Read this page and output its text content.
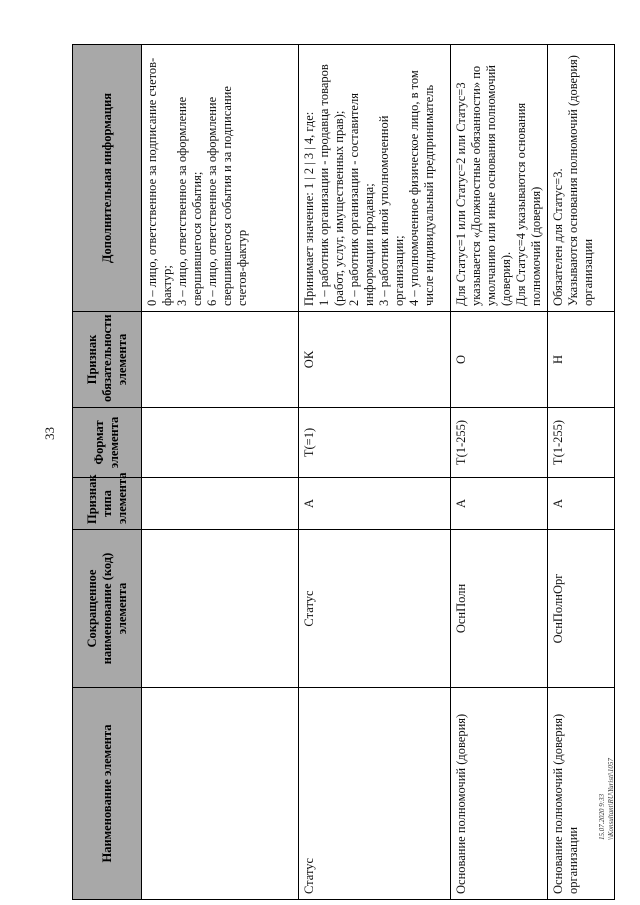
33
15.07.2020 9:33 \\Konsultant\RU\Yuristi\1057
Наименование элемента	Сокращенное наименование (код) элемента	Признак типа элемента	Формат элемента	Признак обязательности элемента	Дополнительная информация

					0 – лицо, ответственное за подписание счетов-фактур; 3 – лицо, ответственное за оформление свершившегося события; 6 – лицо, ответственное за оформление свершившегося события и за подписание счетов-фактур

Статус	Статус	А	Т(=1)	ОК	Принимает значение: 1 | 2 | 3 | 4, где: 1 – работник организации - продавца товаров (работ, услуг, имущественных прав); 2 – работник организации - составителя информации продавца; 3 – работник иной уполномоченной организации; 4 – уполномоченное физическое лицо, в том числе индивидуальный предприниматель

Основание полномочий (доверия)	ОснПолн	А	Т(1-255)	О	Для Статус=1 или Статус=2 или Статус=3 указывается «Должностные обязанности» по умолчанию или иные основания полномочий (доверия). Для Статус=4 указываются основания полномочий (доверия)

Основание полномочий (доверия) организации	ОснПолнОрг	А	Т(1-255)	Н	Обязателен для Статус=3. Указываются основания полномочий (доверия) организации
